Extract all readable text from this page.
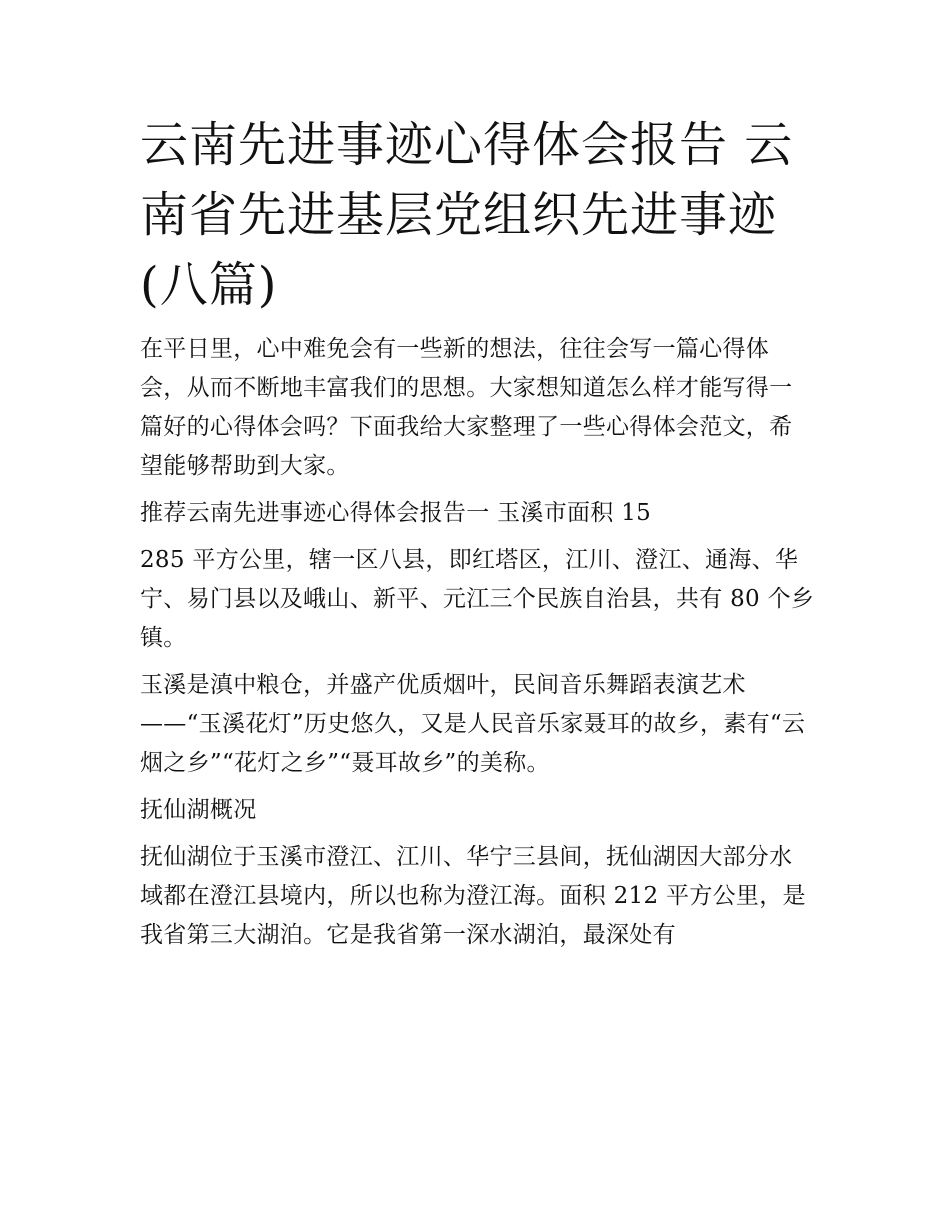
云南先进事迹心得体会报告 云南省先进基层党组织先进事迹(八篇)

在平日里，心中难免会有一些新的想法，往往会写一篇心得体会，从而不断地丰富我们的思想。大家想知道怎么样才能写得一篇好的心得体会吗？下面我给大家整理了一些心得体会范文，希望能够帮助到大家。

推荐云南先进事迹心得体会报告一 玉溪市面积 15

285 平方公里，辖一区八县，即红塔区，江川、澄江、通海、华宁、易门县以及峨山、新平、元江三个民族自治县，共有 80 个乡镇。

玉溪是滇中粮仓，并盛产优质烟叶，民间音乐舞蹈表演艺术——“玉溪花灯”历史悠久，又是人民音乐家聂耳的故乡，素有“云烟之乡”“花灯之乡”“聂耳故乡”的美称。

抚仙湖概况

抚仙湖位于玉溪市澄江、江川、华宁三县间，抚仙湖因大部分水域都在澄江县境内，所以也称为澄江海。面积 212 平方公里，是我省第三大湖泊。它是我省第一深水湖泊，最深处有
